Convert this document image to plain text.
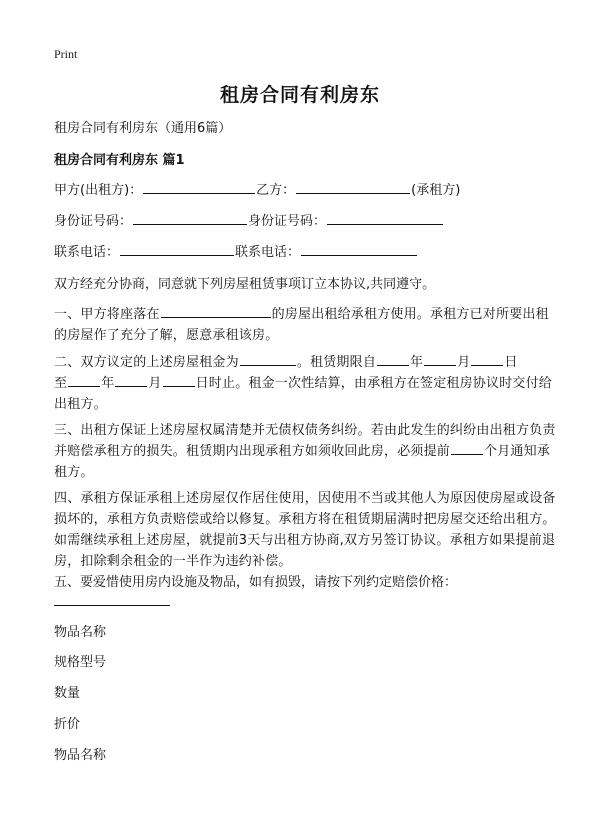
Print
租房合同有利房东
租房合同有利房东（通用6篇）
租房合同有利房东 篇1
甲方(出租方)：	乙方：	(承租方)
身份证号码：	身份证号码：
联系电话：	联系电话：
双方经充分协商，同意就下列房屋租赁事项订立本协议,共同遵守。
一、甲方将座落在	的房屋出租给承租方使用。承租方已对所要出租的房屋作了充分了解，愿意承租该房。
二、双方议定的上述房屋租金为	。租赁期限自	年	月	日
至	年	月	日时止。租金一次性结算，由承租方在签定租房协议时交付给出租方。
三、出租方保证上述房屋权属清楚并无债权债务纠纷。若由此发生的纠纷由出租方负责并赔偿承租方的损失。租赁期内出现承租方如须收回此房，必须提前	个月通知承租方。
四、承租方保证承租上述房屋仅作居住使用，因使用不当或其他人为原因使房屋或设备损坏的，承租方负责赔偿或给以修复。承租方将在租赁期届满时把房屋交还给出租方。如需继续承租上述房屋，就提前3天与出租方协商,双方另签订协议。承租方如果提前退房，扣除剩余租金的一半作为违约补偿。
五、要爱惜使用房内设施及物品，如有损毁，请按下列约定赔偿价格：
物品名称
规格型号
数量
折价
物品名称
